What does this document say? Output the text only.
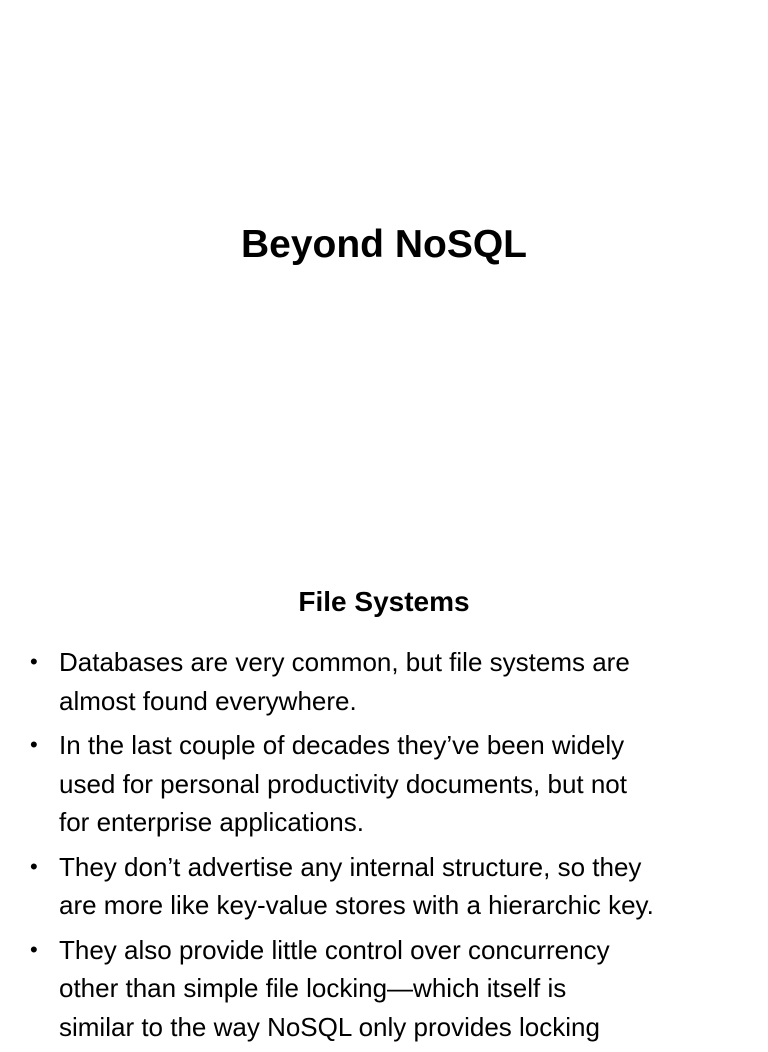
Beyond NoSQL
File Systems
• Databases are very common, but file systems are
almost found everywhere.
• In the last couple of decades they’ve been widely
used for personal productivity documents, but not
for enterprise applications.
• They don’t advertise any internal structure, so they
are more like key-value stores with a hierarchic key.
• They also provide little control over concurrency
other than simple file locking—which itself is
similar to the way NoSQL only provides locking
